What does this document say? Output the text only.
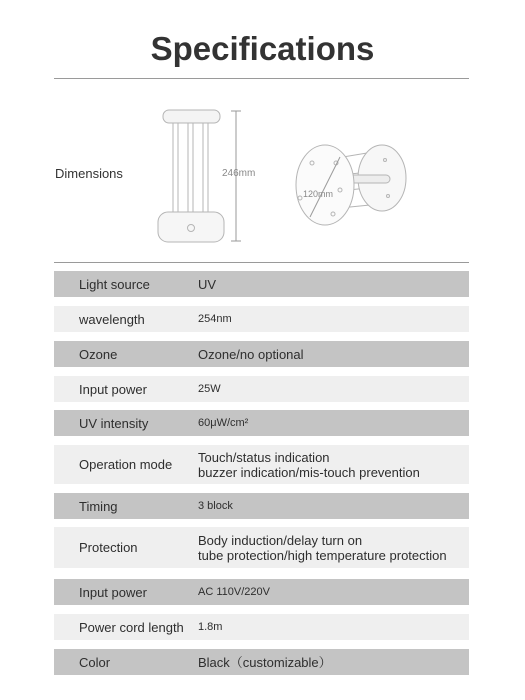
Specifications
Dimensions	246mm
120mm
Light source	UV
wavelength	254nm
Ozone	Ozone/no optional
Input power	25W
UV intensity	60μW/cm²
Operation mode	Touch/status indication
buzzer indication/mis-touch prevention
Timing	3 block
Protection	Body induction/delay turn on
tube protection/high temperature protection
Input power	AC 110V/220V
Power cord length	1.8m
Color	Black（customizable）
